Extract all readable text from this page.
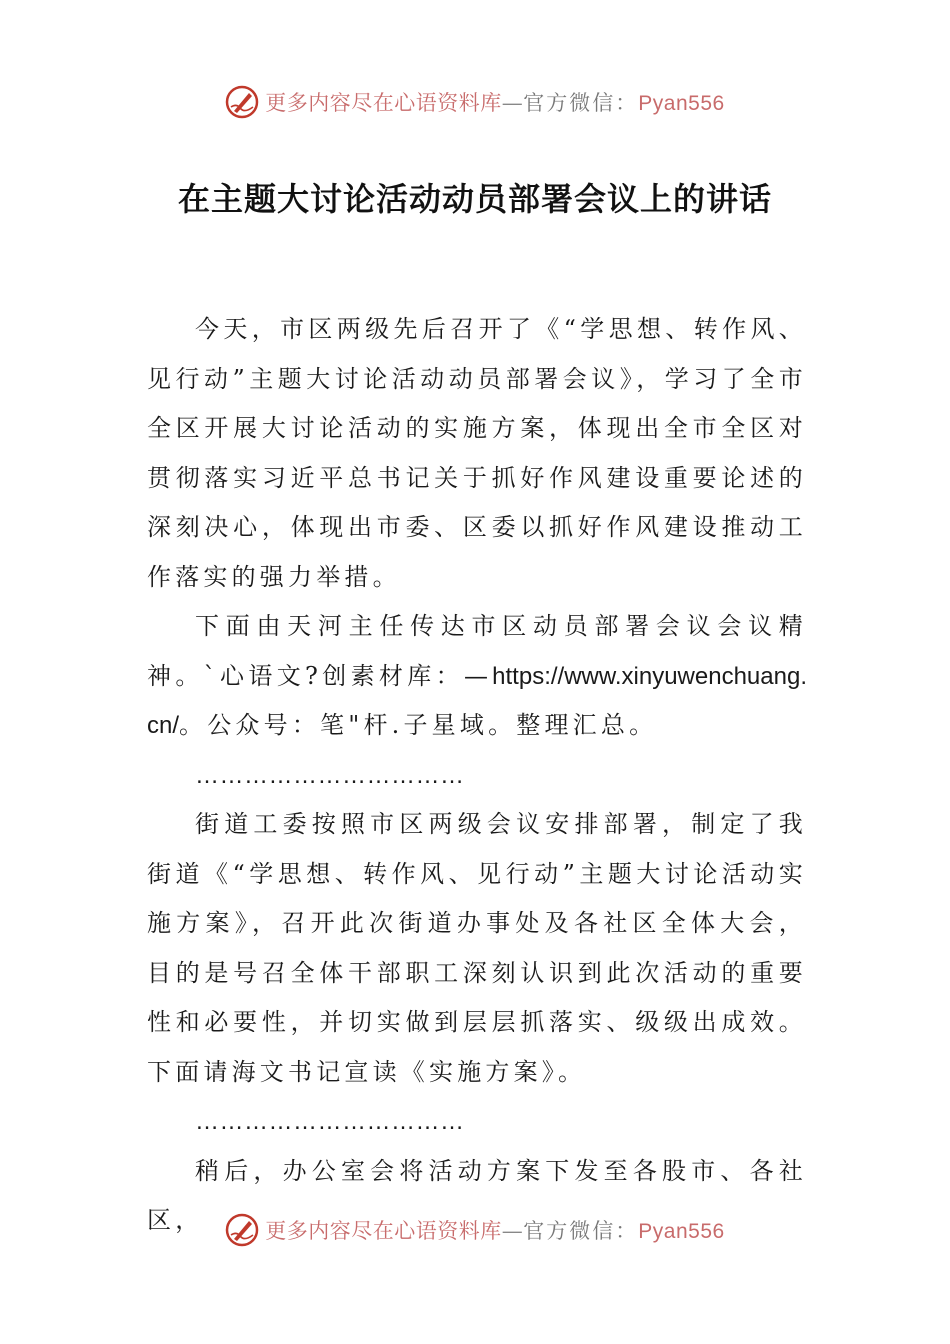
更多内容尽在心语资料库—官方微信：Pyan556
在主题大讨论活动动员部署会议上的讲话

今天，市区两级先后召开了《“学思想、转作风、见行动”主题大讨论活动动员部署会议》，学习了全市全区开展大讨论活动的实施方案，体现出全市全区对贯彻落实习近平总书记关于抓好作风建设重要论述的深刻决心，体现出市委、区委以抓好作风建设推动工作落实的强力举措。

下面由天河主任传达市区动员部署会议会议精神。`心语文?创素材库：—https://www.xinyuwenchuang.cn/。公众号：笔"杆.子星域。整理汇总。

……………………………

街道工委按照市区两级会议安排部署，制定了我街道《“学思想、转作风、见行动”主题大讨论活动实施方案》，召开此次街道办事处及各社区全体大会，目的是号召全体干部职工深刻认识到此次活动的重要性和必要性，并切实做到层层抓落实、级级出成效。下面请海文书记宣读《实施方案》。

……………………………

稍后，办公室会将活动方案下发至各股市、各社区，	更多内容尽在心语资料库—官方微信：Pyan556
